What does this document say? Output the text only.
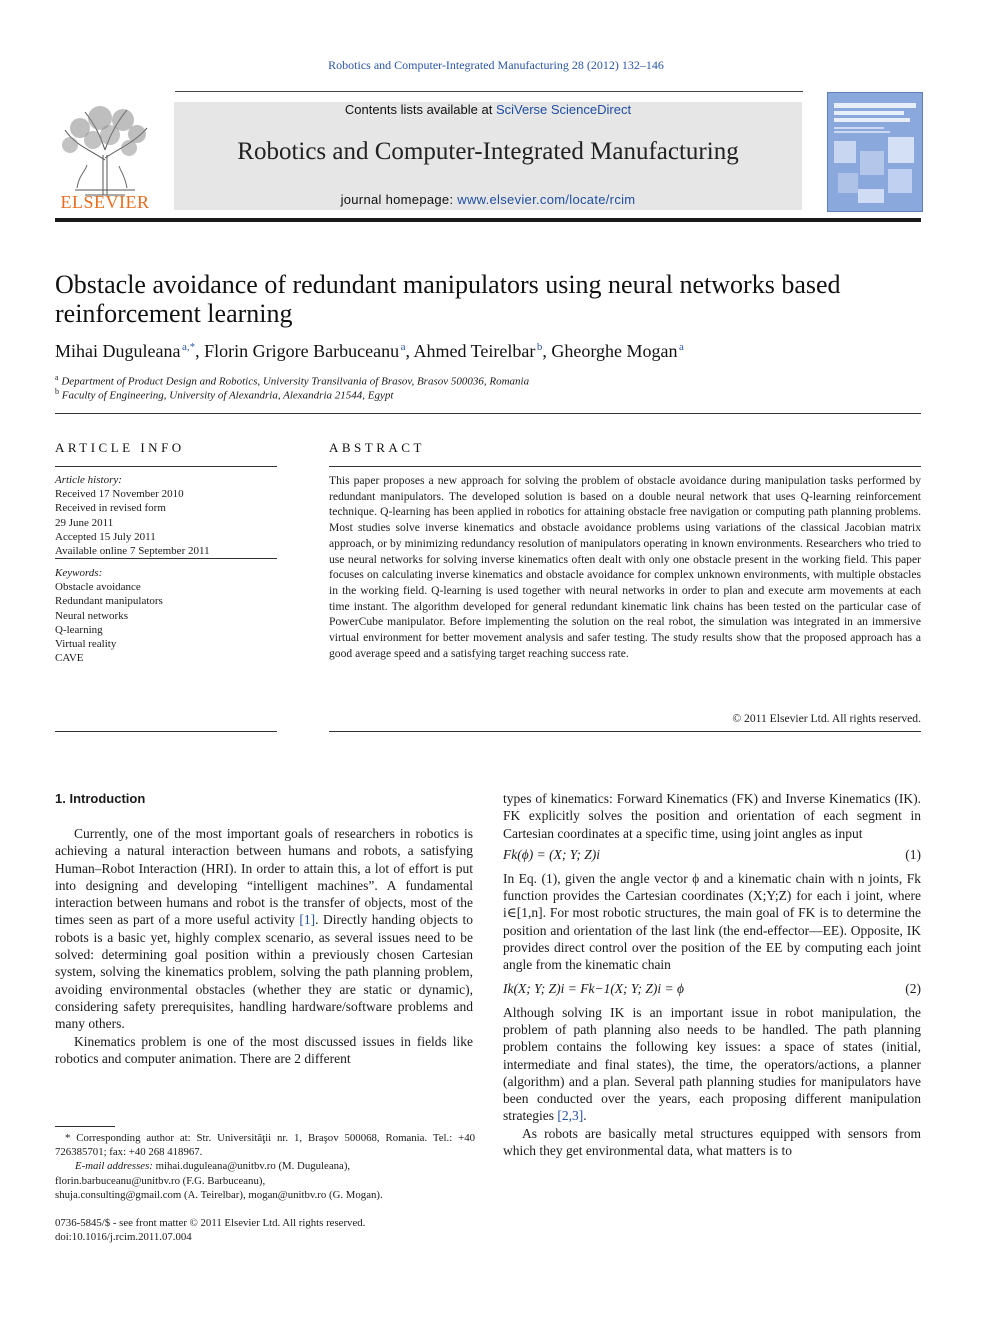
Robotics and Computer-Integrated Manufacturing 28 (2012) 132–146
ELSEVIER
Contents lists available at SciVerse ScienceDirect
Robotics and Computer-Integrated Manufacturing
journal homepage: www.elsevier.com/locate/rcim
Obstacle avoidance of redundant manipulators using neural networks based
reinforcement learning
Mihai Duguleana  $^{a,*}$, Florin Grigore Barbuceanu  $^a$, Ahmed Teirelbar  $^b$, Gheorghe Mogan  $^a$
$^a$ Department of Product Design and Robotics, University Transilvania of Brasov, Brasov 500036, Romania
$^b$ Faculty of Engineering, University of Alexandria, Alexandria 21544, Egypt
ARTICLE INFO
Article history:
Received 17 November 2010
Received in revised form
29 June 2011
Accepted 15 July 2011
Available online 7 September 2011
Keywords:
Obstacle avoidance
Redundant manipulators
Neural networks
Q-learning
Virtual reality
CAVE
ABSTRACT
This paper proposes a new approach for solving the problem of obstacle avoidance during manipulation tasks performed by redundant manipulators. The developed solution is based on a double neural network that uses Q-learning reinforcement technique. Q-learning has been applied in robotics for attaining obstacle free navigation or computing path planning problems. Most studies solve inverse kinematics and obstacle avoidance problems using variations of the classical Jacobian matrix approach, or by minimizing redundancy resolution of manipulators operating in known environments. Researchers who tried to use neural networks for solving inverse kinematics often dealt with only one obstacle present in the working field. This paper focuses on calculating inverse kinematics and obstacle avoidance for complex unknown environments, with multiple obstacles in the working field. Q-learning is used together with neural networks in order to plan and execute arm movements at each time instant. The algorithm developed for general redundant kinematic link chains has been tested on the particular case of PowerCube manipulator. Before implementing the solution on the real robot, the simulation was integrated in an immersive virtual environment for better movement analysis and safer testing. The study results show that the proposed approach has a good average speed and a satisfying target reaching success rate.
© 2011 Elsevier Ltd. All rights reserved.
1. Introduction

Currently, one of the most important goals of researchers in robotics is achieving a natural interaction between humans and robots, a satisfying Human–Robot Interaction (HRI). In order to attain this, a lot of effort is put into designing and developing “intelligent machines”. A fundamental interaction between humans and robot is the transfer of objects, most of the times seen as part of a more useful activity [1]. Directly handing objects to robots is a basic yet, highly complex scenario, as several issues need to be solved: determining goal position within a previously chosen Cartesian system, solving the kinematics problem, solving the path planning problem, avoiding environmental obstacles (whether they are static or dynamic), considering safety prerequisites, handling hardware/software problems and many others.

Kinematics problem is one of the most discussed issues in fields like robotics and computer animation. There are 2 different

types of kinematics: Forward Kinematics (FK) and Inverse Kinematics (IK). FK explicitly solves the position and orientation of each segment in Cartesian coordinates at a specific time, using joint angles as input

Fk(ϕ) = (X; Y; Z)i	(1)

In Eq. (1), given the angle vector ϕ and a kinematic chain with n joints, Fk function provides the Cartesian coordinates (X;Y;Z) for each i joint, where i∈[1,n]. For most robotic structures, the main goal of FK is to determine the position and orientation of the last link (the end-effector—EE). Opposite, IK provides direct control over the position of the EE by computing each joint angle from the kinematic chain

Ik(X; Y; Z)i = Fk−1(X; Y; Z)i = ϕ	(2)

Although solving IK is an important issue in robot manipulation, the problem of path planning also needs to be handled. The path planning problem contains the following key issues: a space of states (initial, intermediate and final states), the time, the operators/actions, a planner (algorithm) and a plan. Several path planning studies for manipulators have been conducted over the years, each proposing different manipulation strategies [2,3].

As robots are basically metal structures equipped with sensors from which they get environmental data, what matters is to

* Corresponding author at: Str. Universităţii nr. 1, Braşov 500068, Romania. Tel.: +40 726385701; fax: +40 268 418967.
E-mail addresses: mihai.duguleana@unitbv.ro (M. Duguleana),
florin.barbuceanu@unitbv.ro (F.G. Barbuceanu),
shuja.consulting@gmail.com (A. Teirelbar), mogan@unitbv.ro (G. Mogan).
0736-5845/$ - see front matter © 2011 Elsevier Ltd. All rights reserved.
doi:10.1016/j.rcim.2011.07.004
